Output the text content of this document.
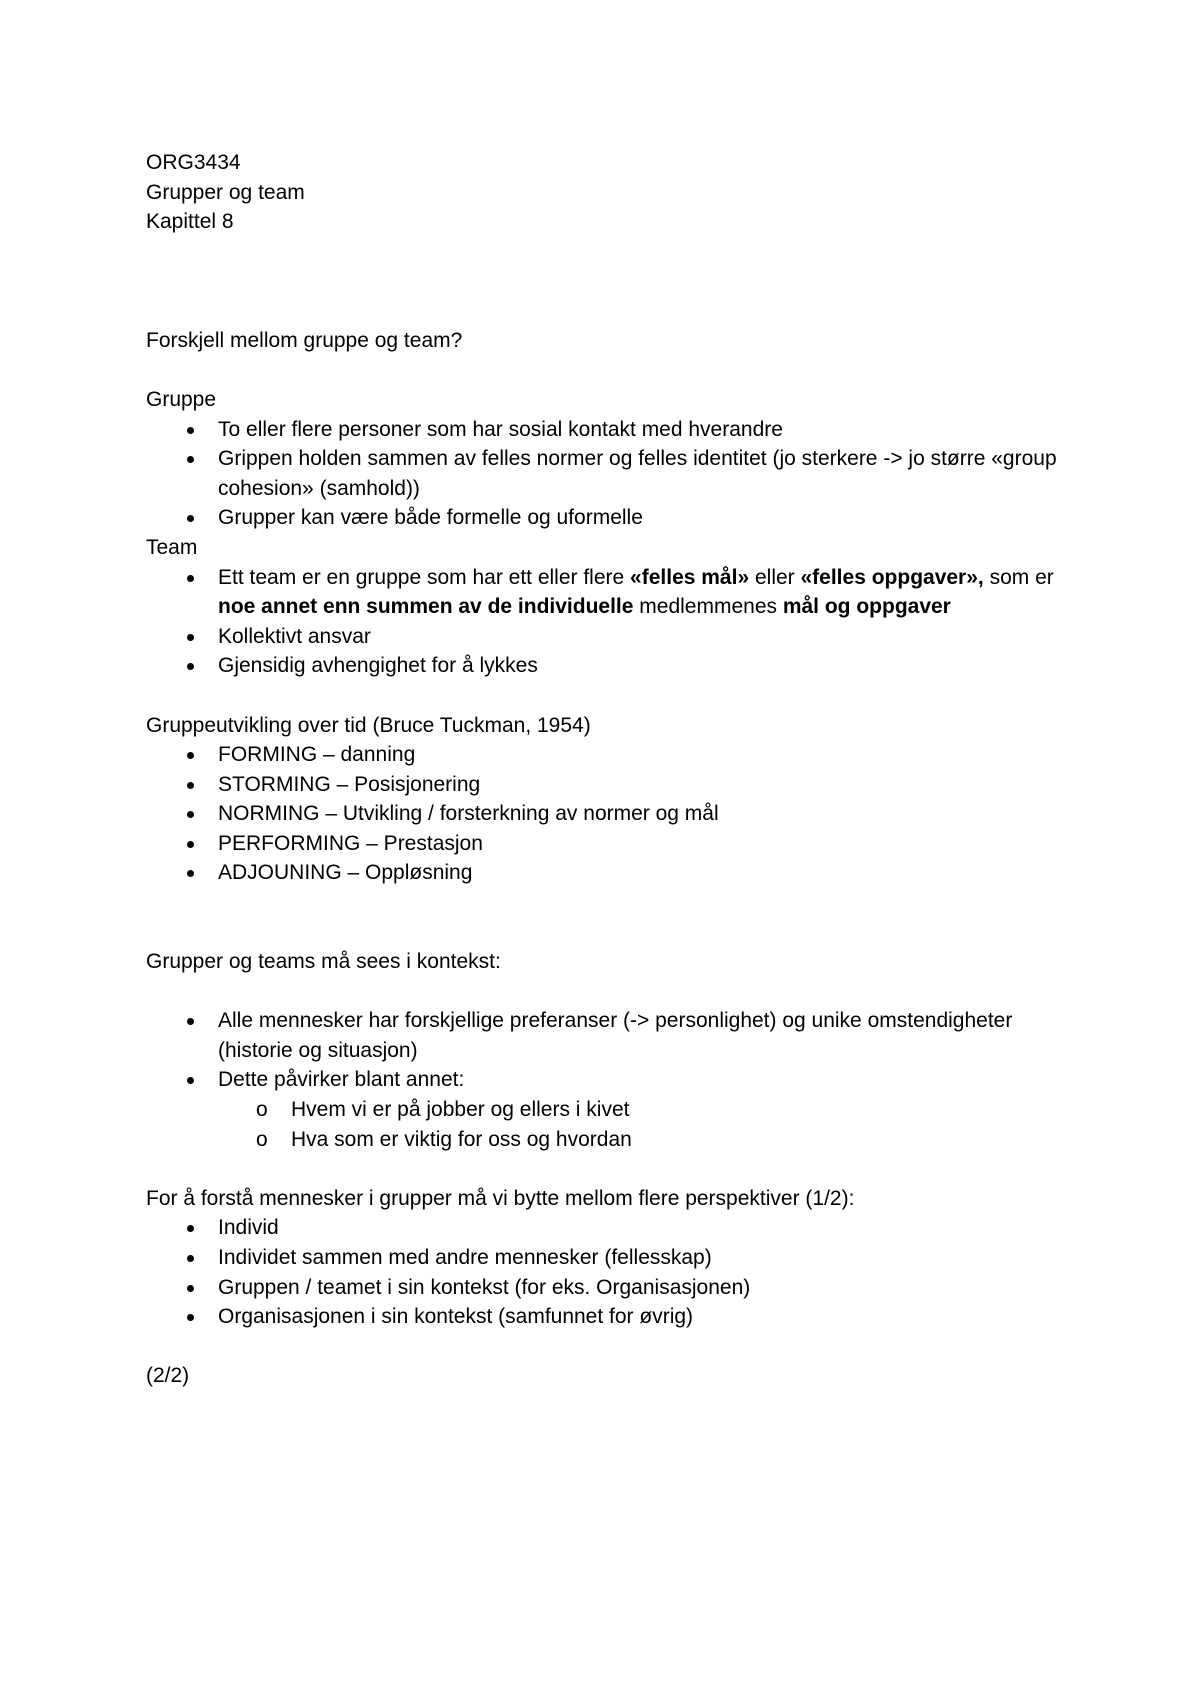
ORG3434
Grupper og team
Kapittel 8
Forskjell mellom gruppe og team?
Gruppe
To eller flere personer som har sosial kontakt med hverandre
Grippen holden sammen av felles normer og felles identitet (jo sterkere -> jo større «group cohesion» (samhold))
Grupper kan være både formelle og uformelle
Team
Ett team er en gruppe som har ett eller flere «felles mål» eller «felles oppgaver», som er noe annet enn summen av de individuelle medlemmenes mål og oppgaver
Kollektivt ansvar
Gjensidig avhengighet for å lykkes
Gruppeutvikling over tid (Bruce Tuckman, 1954)
FORMING – danning
STORMING – Posisjonering
NORMING – Utvikling / forsterkning av normer og mål
PERFORMING – Prestasjon
ADJOUNING – Oppløsning
Grupper og teams må sees i kontekst:
Alle mennesker har forskjellige preferanser (-> personlighet) og unike omstendigheter (historie og situasjon)
Dette påvirker blant annet:
o Hvem vi er på jobber og ellers i kivet
o Hva som er viktig for oss og hvordan
For å forstå mennesker i grupper må vi bytte mellom flere perspektiver (1/2):
Individ
Individet sammen med andre mennesker (fellesskap)
Gruppen / teamet i sin kontekst (for eks. Organisasjonen)
Organisasjonen i sin kontekst (samfunnet for øvrig)
(2/2)
